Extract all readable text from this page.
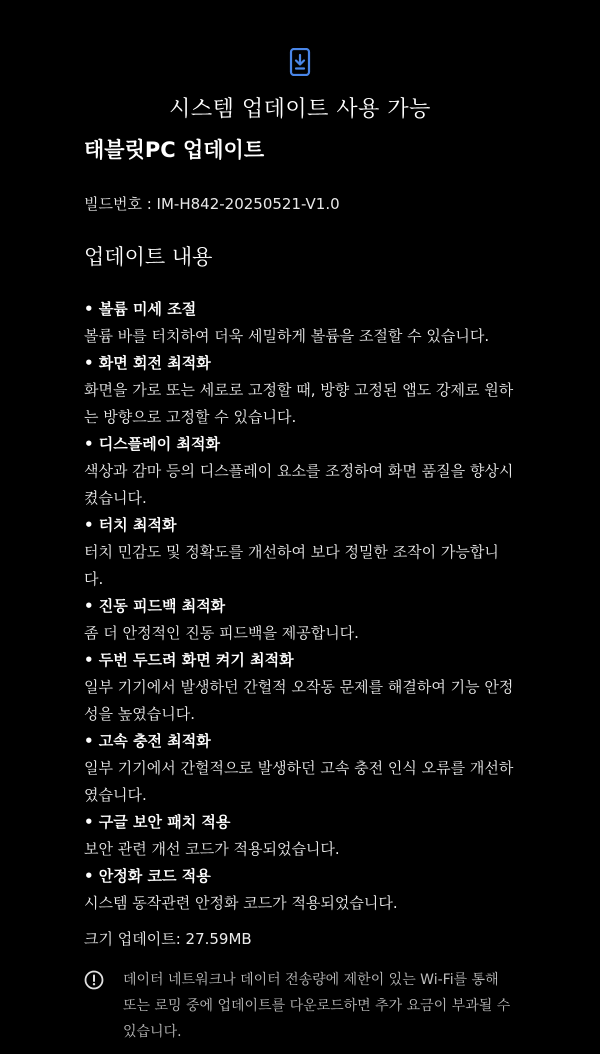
시스템 업데이트 사용 가능
태블릿PC 업데이트
빌드번호 : IM-H842-20250521-V1.0
업데이트 내용
• 볼륨 미세 조절
볼륨 바를 터치하여 더욱 세밀하게 볼륨을 조절할 수 있습니다.
• 화면 회전 최적화
화면을 가로 또는 세로로 고정할 때, 방향 고정된 앱도 강제로 원하는 방향으로 고정할 수 있습니다.
• 디스플레이 최적화
색상과 감마 등의 디스플레이 요소를 조정하여 화면 품질을 향상시켰습니다.
• 터치 최적화
터치 민감도 및 정확도를 개선하여 보다 정밀한 조작이 가능합니다.
• 진동 피드백 최적화
좀 더 안정적인 진동 피드백을 제공합니다.
• 두번 두드려 화면 켜기 최적화
일부 기기에서 발생하던 간헐적 오작동 문제를 해결하여 기능 안정성을 높였습니다.
• 고속 충전 최적화
일부 기기에서 간헐적으로 발생하던 고속 충전 인식 오류를 개선하였습니다.
• 구글 보안 패치 적용
보안 관련 개선 코드가 적용되었습니다.
• 안정화 코드 적용
시스템 동작관련 안정화 코드가 적용되었습니다.
크기 업데이트: 27.59MB
데이터 네트워크나 데이터 전송량에 제한이 있는 Wi-Fi를 통해 또는 로밍 중에 업데이트를 다운로드하면 추가 요금이 부과될 수 있습니다.
